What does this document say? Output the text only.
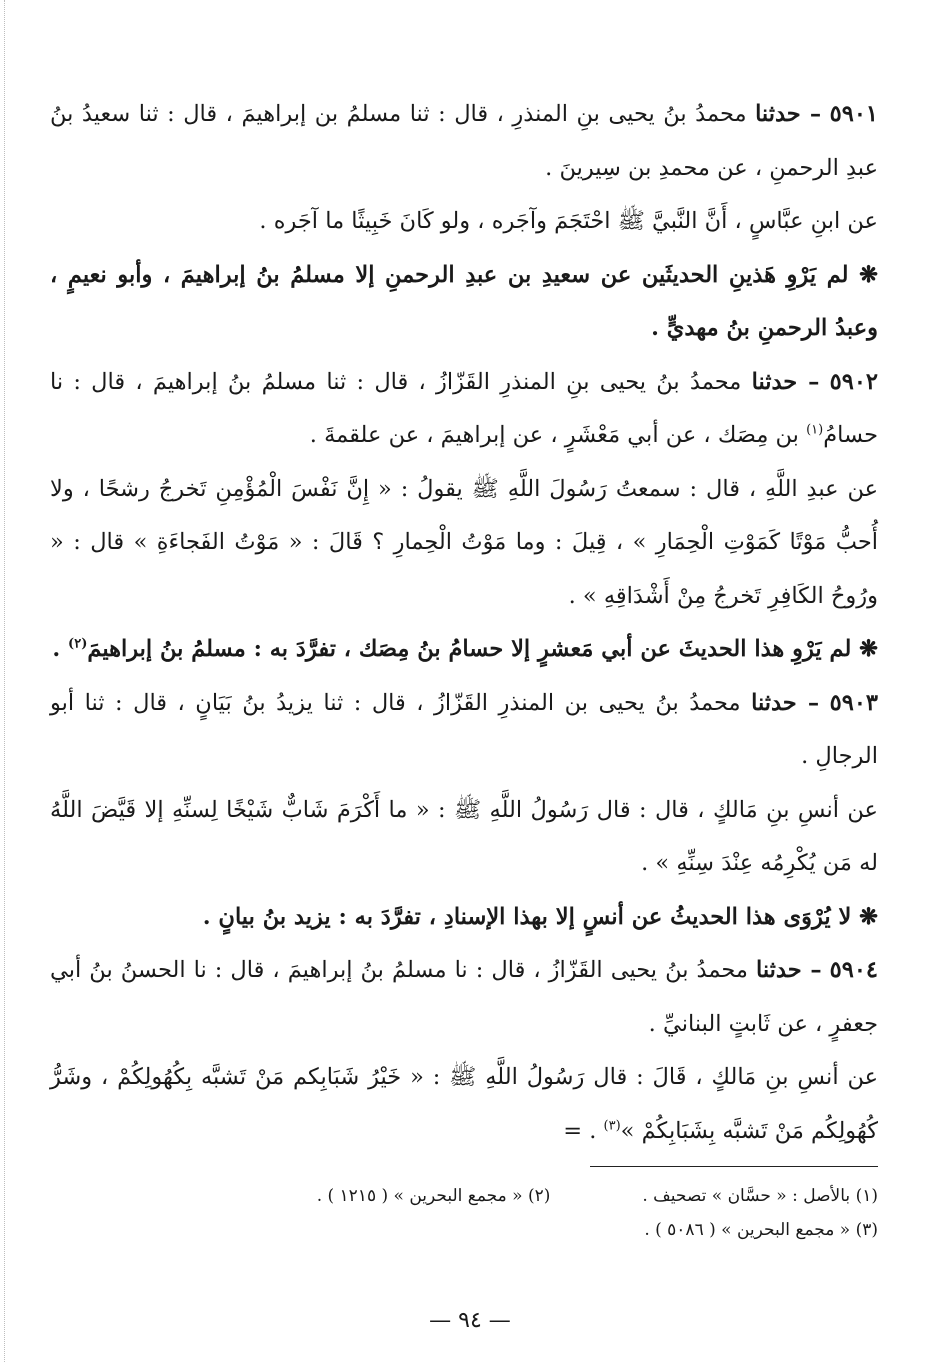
٥٩٠١ – حدثنا محمدُ بنُ يحيى بنِ المنذرِ ، قال : ثنا مسلمُ بن إبراهيمَ ، قال : ثنا سعيدُ بنُ عبدِ الرحمنِ ، عن محمدِ بن سِيرينَ .

عن ابنِ عبَّاسٍ ، أَنَّ النَّبيَّ ﷺ احْتَجَمَ وآجَره ، ولو كَانَ خَبِيثًا ما آجَره .

❋ لم يَرْوِ هَذينِ الحديثَين عن سعيدِ بن عبدِ الرحمنِ إلا مسلمُ بنُ إبراهيمَ ، وأبو نعيمٍ ، وعبدُ الرحمنِ بنُ مهديٍّ .

٥٩٠٢ – حدثنا محمدُ بنُ يحيى بنِ المنذرِ القَزّازُ ، قال : ثنا مسلمُ بنُ إبراهيمَ ، قال : نا حسامُ$^{(١)}$ بن مِصَك ، عن أبي مَعْشَرٍ ، عن إبراهيمَ ، عن علقمةَ .

عن عبدِ اللَّهِ ، قال : سمعتُ رَسُولَ اللَّهِ ﷺ يقولُ : « إِنَّ نَفْسَ الْمُؤْمِنِ تَخرجُ رشحًا ، ولا أُحبُّ مَوْتًا كَمَوْتِ الْحِمَارِ » ، قِيلَ : وما مَوْتُ الْحِمارِ ؟ قَالَ : « مَوْتُ الفَجاءَةِ » قال : « ورُوحُ الكَافِرِ تَخرجُ مِنْ أَشْدَاقِهِ » .

❋ لم يَرْوِ هذا الحديثَ عن أبي مَعشرٍ إلا حسامُ بنُ مِصَك ، تفرَّدَ به : مسلمُ بنُ إبراهيمَ$^{(٢)}$ .

٥٩٠٣ – حدثنا محمدُ بنُ يحيى بن المنذرِ القَزّازُ ، قال : ثنا يزيدُ بنُ بَيَانٍ ، قال : ثنا أبو الرجالِ .

عن أنسِ بنِ مَالكٍ ، قال : قال رَسُولُ اللَّهِ ﷺ : « ما أَكْرَمَ شَابٌّ شَيْخًا لِسنِّهِ إلا قَيَّضَ اللَّهُ له مَن يُكْرِمُه عِنْدَ سِنِّهِ » .

❋ لا يُرْوَى هذا الحديثُ عن أنسٍ إلا بهذا الإسنادِ ، تفرَّدَ به : يزيد بنُ بيانٍ .

٥٩٠٤ – حدثنا محمدُ بنُ يحيى القَزّازُ ، قال : نا مسلمُ بنُ إبراهيمَ ، قال : نا الحسنُ بنُ أبي جعفرٍ ، عن ثَابتٍ البنانيِّ .

عن أنسِ بنِ مَالكٍ ، قَالَ : قال رَسُولُ اللَّهِ ﷺ : « خَيْرُ شَبَابِكم مَنْ تَشبَّه بِكُهُولِكُمْ ، وشَرُّ كُهُولِكُم مَنْ تَشبَّه بِشَبَابِكُمْ »$^{(٣)}$ . =

(١) بالأصل : « حسَّان » تصحيف .
(٢) « مجمع البحرين » ( ١٢١٥ ) .
(٣) « مجمع البحرين » ( ٥٠٨٦ ) .
— ٩٤ —
